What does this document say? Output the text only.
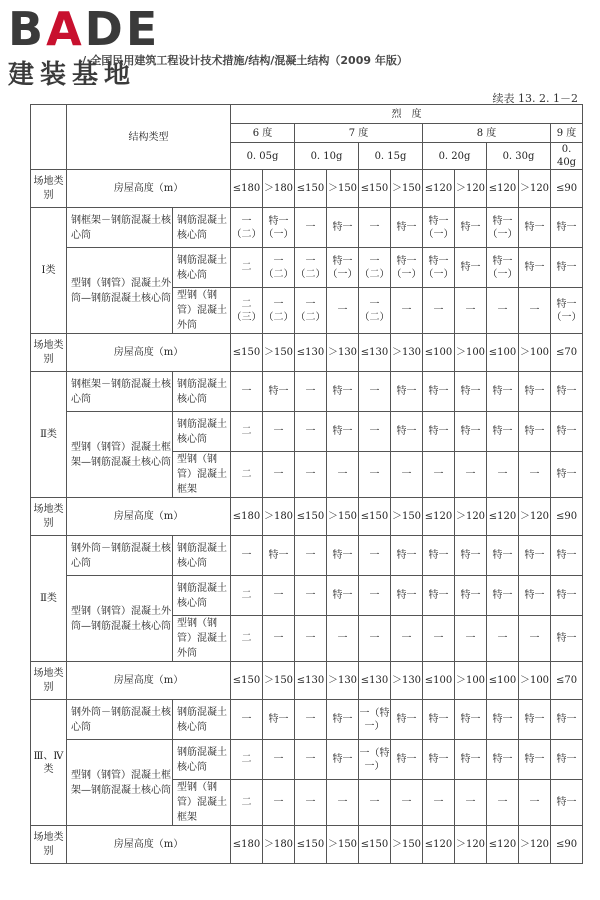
BADE
建装基地
·/·全国民用建筑工程设计技术措施/结构/混凝土结构（2009 年版）
续表 13. 2. 1－2
	结构类型		烈　度										
			6 度		7 度				8 度				9 度
			0. 05g		0. 10g		0. 15g		0. 20g		0. 30g		0. 40g
场地类别	房屋高度（m）		≤180	＞180	≤150	＞150	≤150	＞150	≤120	＞120	≤120	＞120	≤90
Ⅰ类	钢框架－钢筋混凝土核心筒	钢筋混凝土核心筒	一（二）	特一（一）	一	特一	一	特一	特一（一）	特一	特一（一）	特一	特一
	型钢（钢管）混凝土外筒—钢筋混凝土核心筒	钢筋混凝土核心筒	二	一（二）	一（二）	特一（一）	一（二）	特一（一）	特一（一）	特一	特一（一）	特一	特一
		型钢（钢管）混凝土外筒	二（三）	一（二）	一（二）	一	一（二）	一	一	一	一	一	特一（一）
场地类别	房屋高度（m）		≤150	＞150	≤130	＞130	≤130	＞130	≤100	＞100	≤100	＞100	≤70
Ⅱ类	钢框架－钢筋混凝土核心筒	钢筋混凝土核心筒	一	特一	一	特一	一	特一	特一	特一	特一	特一	特一
	型钢（钢管）混凝土框架—钢筋混凝土核心筒	钢筋混凝土核心筒	二	一	一	特一	一	特一	特一	特一	特一	特一	特一
		型钢（钢管）混凝土框架	二	一	一	一	一	一	一	一	一	一	特一
场地类别	房屋高度（m）		≤180	＞180	≤150	＞150	≤150	＞150	≤120	＞120	≤120	＞120	≤90
Ⅱ类	钢外筒－钢筋混凝土核心筒	钢筋混凝土核心筒	一	特一	一	特一	一	特一	特一	特一	特一	特一	特一
	型钢（钢管）混凝土外筒—钢筋混凝土核心筒	钢筋混凝土核心筒	二	一	一	特一	一	特一	特一	特一	特一	特一	特一
		型钢（钢管）混凝土外筒	二	一	一	一	一	一	一	一	一	一	特一
场地类别	房屋高度（m）		≤150	＞150	≤130	＞130	≤130	＞130	≤100	＞100	≤100	＞100	≤70
Ⅲ、Ⅳ类	钢外筒－钢筋混凝土核心筒	钢筋混凝土核心筒	一	特一	一	特一	一（特一）	特一	特一	特一	特一	特一	特一
	型钢（钢管）混凝土框架—钢筋混凝土核心筒	钢筋混凝土核心筒	二	一	一	特一	一（特一）	特一	特一	特一	特一	特一	特一
		型钢（钢管）混凝土框架	二	一	一	一	一	一	一	一	一	一	特一
场地类别	房屋高度（m）		≤180	＞180	≤150	＞150	≤150	＞150	≤120	＞120	≤120	＞120	≤90
